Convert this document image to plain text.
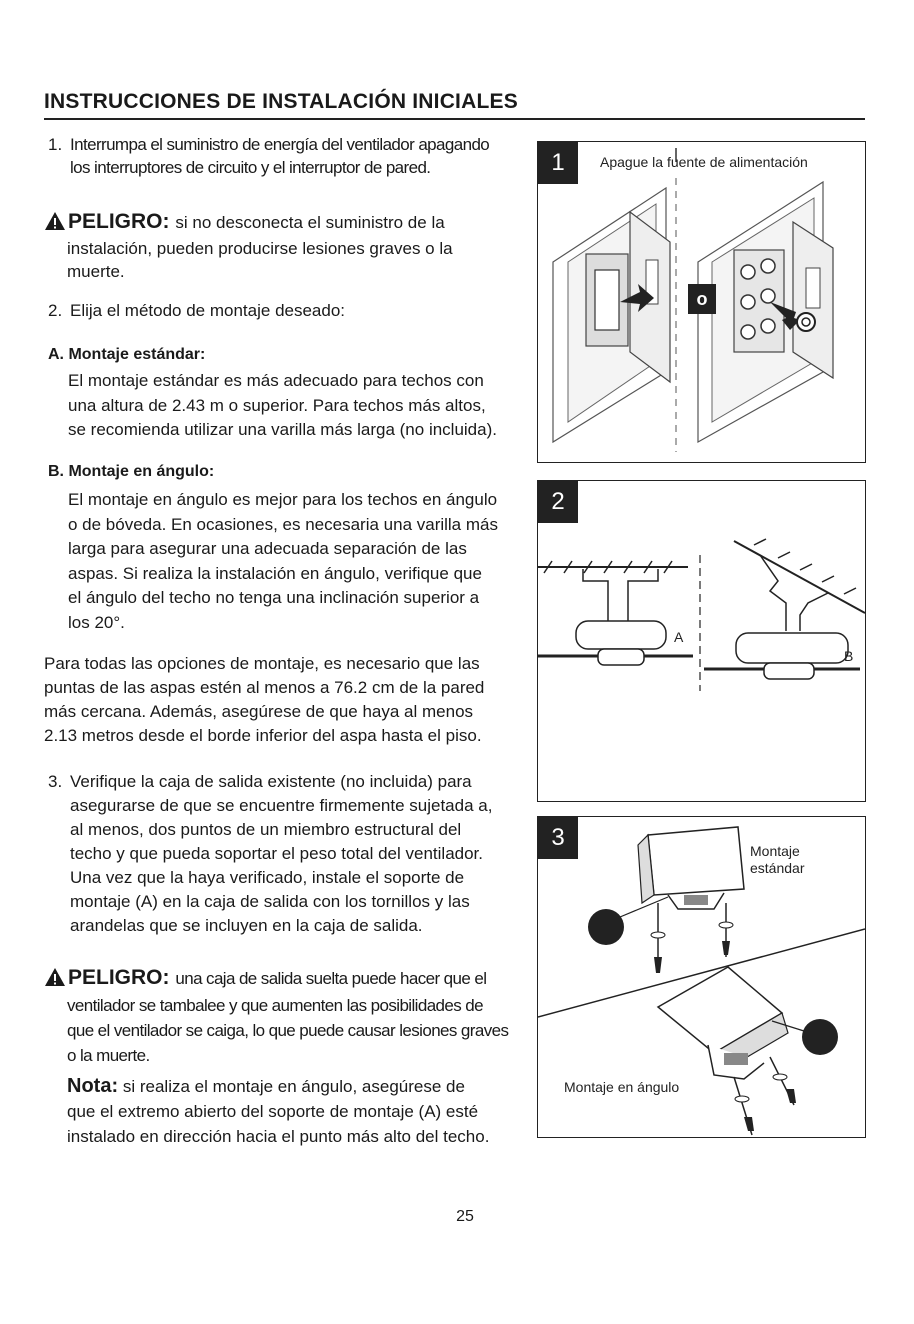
INSTRUCCIONES DE INSTALACIÓN INICIALES
1. Interrumpa el suministro de energía del ventilador apagando
los interruptores de circuito y el interruptor de pared.
PELIGRO: si no desconecta el suministro de la
instalación, pueden producirse lesiones graves o la
muerte.
2. Elija el método de montaje deseado:
A. Montaje estándar:
El montaje estándar es más adecuado para techos con
una altura de 2.43 m o superior. Para techos más altos,
se recomienda utilizar una varilla más larga (no incluida).
B. Montaje en ángulo:
El montaje en ángulo es mejor para los techos en ángulo
o de bóveda. En ocasiones, es necesaria una varilla más
larga para asegurar una adecuada separación de las
aspas. Si realiza la instalación en ángulo, verifique que
el ángulo del techo no tenga una inclinación superior a
los 20°.
Para todas las opciones de montaje, es necesario que las
puntas de las aspas estén al menos a 76.2 cm de la pared
más cercana. Además, asegúrese de que haya al menos
2.13 metros desde el borde inferior del aspa hasta el piso.
3. Verifique la caja de salida existente (no incluida) para
asegurarse de que se encuentre firmemente sujetada a,
al menos, dos puntos de un miembro estructural del
techo y que pueda soportar el peso total del ventilador.
Una vez que la haya verificado, instale el soporte de
montaje (A) en la caja de salida con los tornillos y las
arandelas que se incluyen en la caja de salida.
PELIGRO: una caja de salida suelta puede hacer que el
ventilador se tambalee y que aumenten las posibilidades de
que el ventilador se caiga, lo que puede causar lesiones graves
o la muerte.
Nota: si realiza el montaje en ángulo, asegúrese de
que el extremo abierto del soporte de montaje (A) esté
instalado en dirección hacia el punto más alto del techo.
1	Apague la fuente de alimentación
o
2
A
B
3	Montaje
estándar
Montaje en ángulo
25
